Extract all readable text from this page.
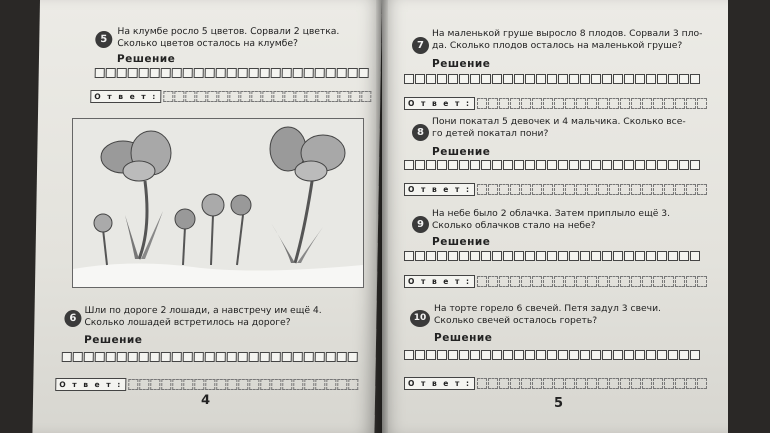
5
На клумбе росло 5 цветов. Сорвали 2 цветка.
Сколько цветов осталось на клумбе?
Решение
О т в е т :
6
Шли по дороге 2 лошади, а навстречу им ещё 4.
Сколько лошадей встретилось на дороге?
Решение
О т в е т :
4
7
На маленькой груше выросло 8 плодов. Сорвали 3 пло-
да. Сколько плодов осталось на маленькой груше?
Решение
О т в е т :
8
Пони покатал 5 девочек и 4 мальчика. Сколько все-
го детей покатал пони?
Решение
О т в е т :
9
На небе было 2 облачка. Затем приплыло ещё 3.
Сколько облачков стало на небе?
Решение
О т в е т :
10
На торте горело 6 свечей. Петя задул 3 свечи.
Сколько свечей осталось гореть?
Решение
О т в е т :
5
